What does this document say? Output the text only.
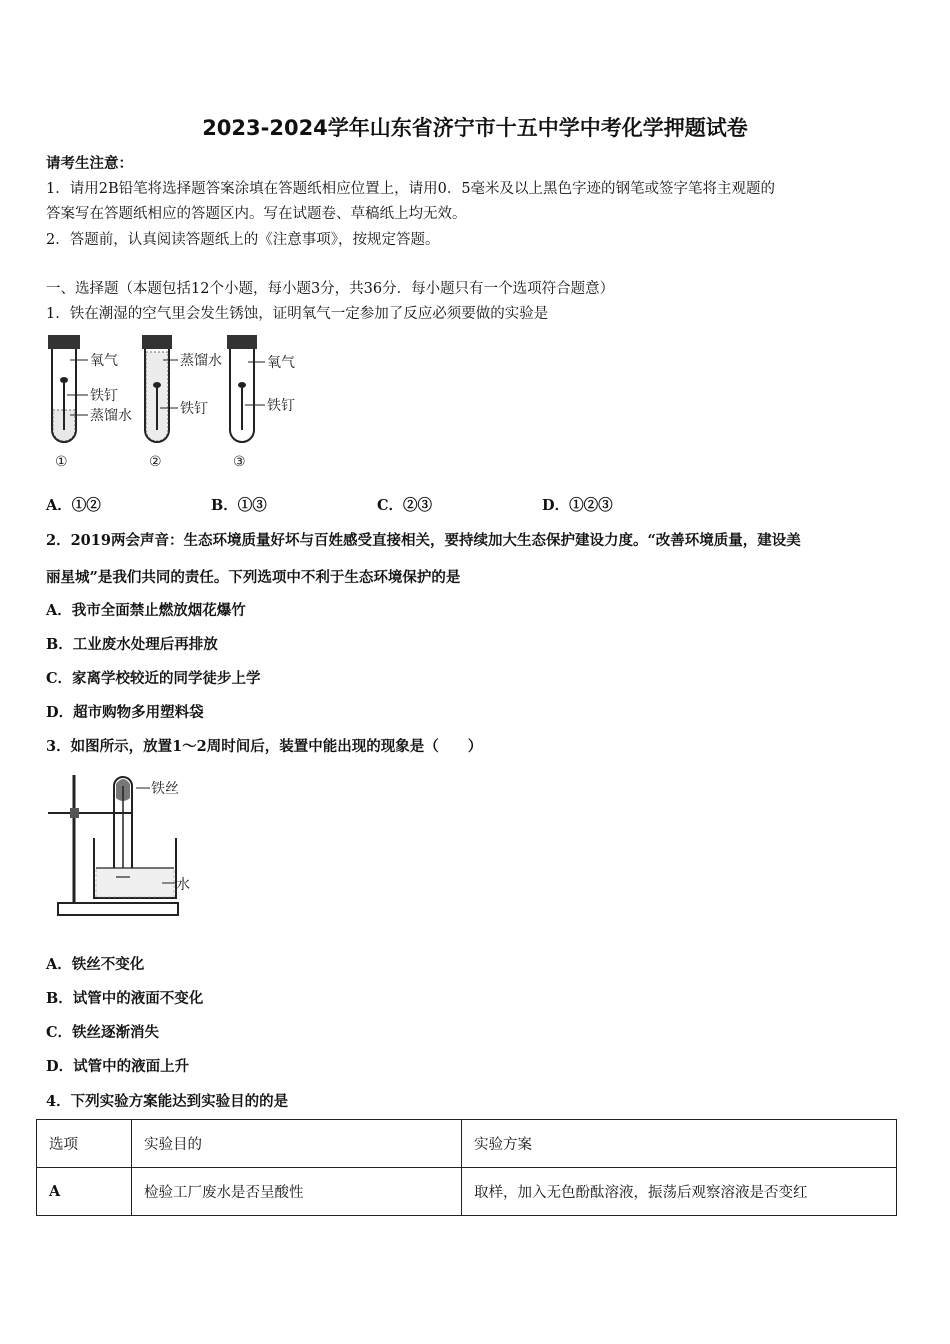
2023-2024学年山东省济宁市十五中学中考化学押题试卷
请考生注意：
1．请用2B铅笔将选择题答案涂填在答题纸相应位置上，请用0．5毫米及以上黑色字迹的钢笔或签字笔将主观题的
答案写在答题纸相应的答题区内。写在试题卷、草稿纸上均无效。
2．答题前，认真阅读答题纸上的《注意事项》，按规定答题。
一、选择题（本题包括12个小题，每小题3分，共36分．每小题只有一个选项符合题意）
1．铁在潮湿的空气里会发生锈蚀，证明氧气一定参加了反应必须要做的实验是
氧气
铁钉
蒸馏水
①
蒸馏水
铁钉
②
氧气
铁钉
③
A．①②	B．①③	C．②③	D．①②③
2．2019两会声音：生态环境质量好坏与百姓感受直接相关，要持续加大生态保护建设力度。“改善环境质量，建设美
丽星城”是我们共同的责任。下列选项中不利于生态环境保护的是
A．我市全面禁止燃放烟花爆竹
B．工业废水处理后再排放
C．家离学校较近的同学徒步上学
D．超市购物多用塑料袋
3．如图所示，放置1～2周时间后，装置中能出现的现象是（　　）
铁丝
水
A．铁丝不变化
B．试管中的液面不变化
C．铁丝逐渐消失
D．试管中的液面上升
4．下列实验方案能达到实验目的的是
选项	实验目的	实验方案
A	检验工厂废水是否呈酸性	取样，加入无色酚酞溶液，振荡后观察溶液是否变红
